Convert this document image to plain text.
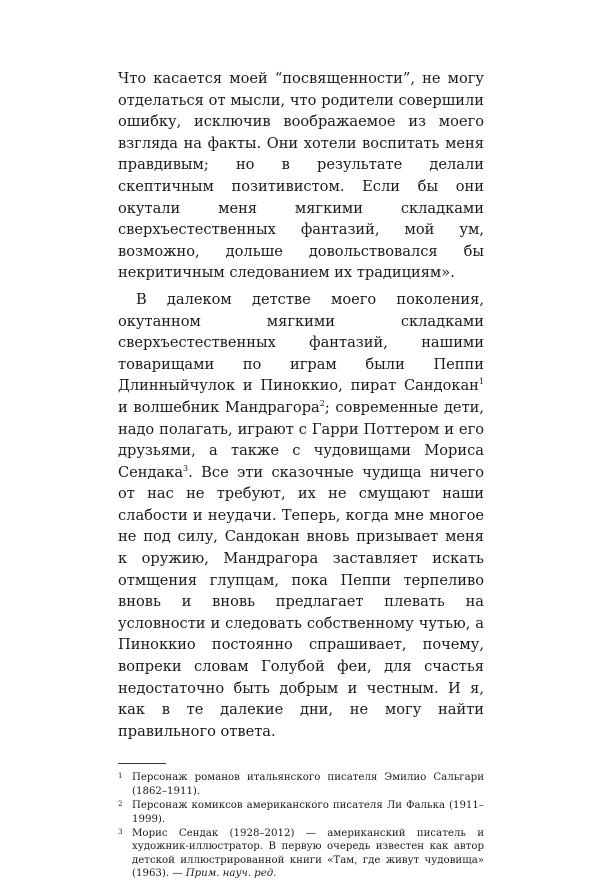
Что касается моей “посвященности”, не могу отделаться от мысли, что родители совершили ошибку, исключив воображаемое из моего взгляда на факты. Они хотели воспитать меня правдивым; но в результате делали скептичным позитивистом. Если бы они окутали меня мягкими складками сверхъестественных фантазий, мой ум, возможно, дольше довольствовался бы некритичным следованием их традициям».

В далеком детстве моего поколения, окутанном мягкими складками сверхъестественных фантазий, нашими товарищами по играм были Пеппи Длинныйчулок и Пиноккио, пират Сандокан$^1$ и волшебник Мандрагора$^2$; современные дети, надо полагать, играют с Гарри Поттером и его друзьями, а также с чудовищами Мориса Сендака$^3$. Все эти сказочные чудища ничего от нас не требуют, их не смущают наши слабости и неудачи. Теперь, когда мне многое не под силу, Сандокан вновь призывает меня к оружию, Мандрагора заставляет искать отмщения глупцам, пока Пеппи терпеливо вновь и вновь предлагает плевать на условности и следовать собственному чутью, а Пиноккио постоянно спрашивает, почему, вопреки словам Голубой феи, для счастья недостаточно быть добрым и честным. И я, как в те далекие дни, не могу найти правильного ответа.

1 Персонаж романов итальянского писателя Эмилио Сальгари (1862–1911).
2 Персонаж комиксов американского писателя Ли Фалька (1911–1999).
3 Морис Сендак (1928–2012) — американский писатель и художник-иллюстратор. В первую очередь известен как автор детской иллюстрированной книги «Там, где живут чудовища» (1963). — Прим. науч. ред.
